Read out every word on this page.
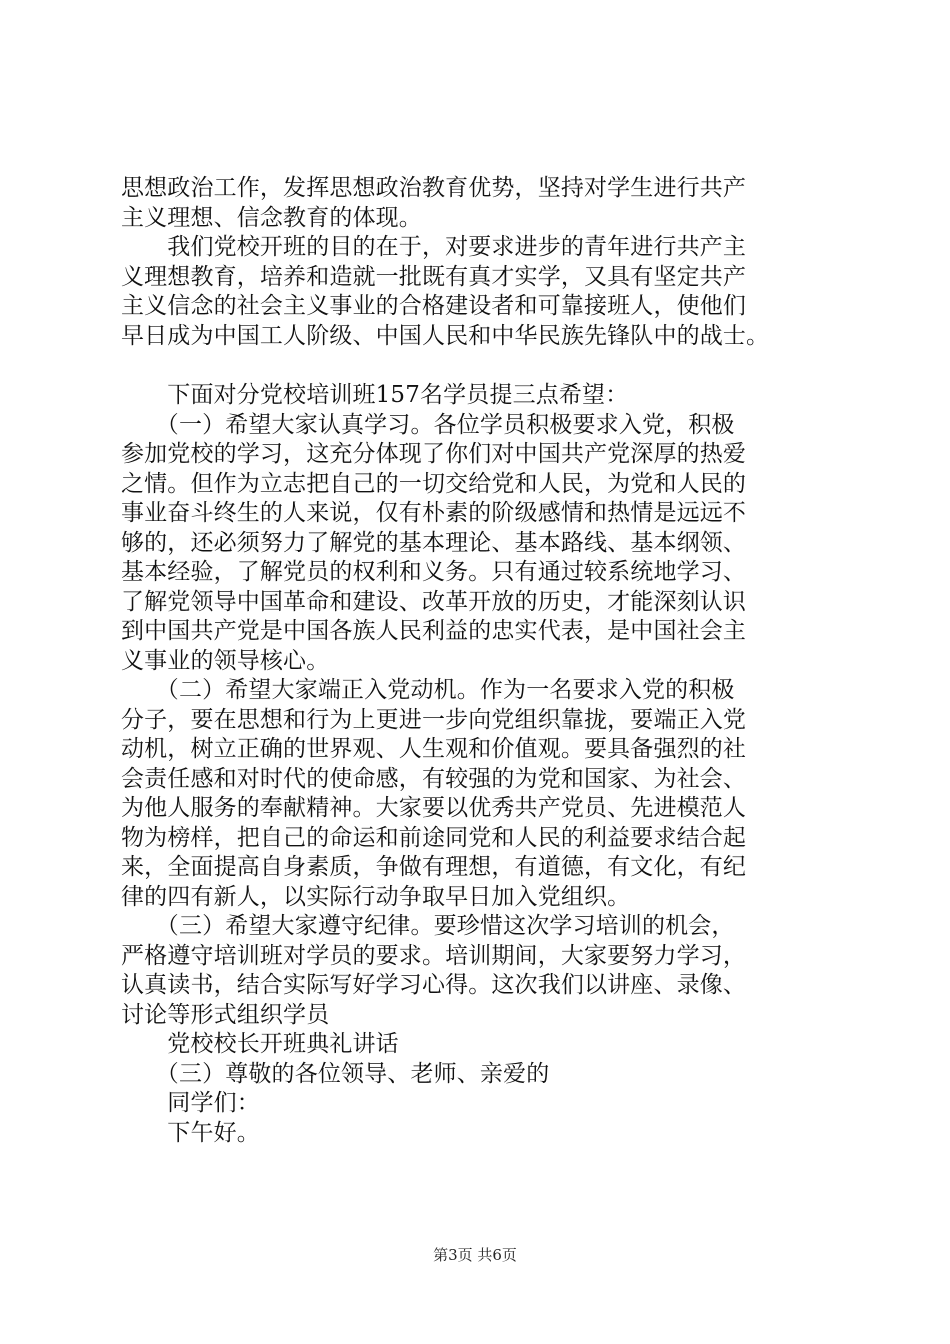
思想政治工作，发挥思想政治教育优势，坚持对学生进行共产
主义理想、信念教育的体现。
　　我们党校开班的目的在于，对要求进步的青年进行共产主
义理想教育，培养和造就一批既有真才实学，又具有坚定共产
主义信念的社会主义事业的合格建设者和可靠接班人，使他们
早日成为中国工人阶级、中国人民和中华民族先锋队中的战士。
　　下面对分党校培训班157名学员提三点希望：
　　（一）希望大家认真学习。各位学员积极要求入党，积极
参加党校的学习，这充分体现了你们对中国共产党深厚的热爱
之情。但作为立志把自己的一切交给党和人民，为党和人民的
事业奋斗终生的人来说，仅有朴素的阶级感情和热情是远远不
够的，还必须努力了解党的基本理论、基本路线、基本纲领、
基本经验，了解党员的权利和义务。只有通过较系统地学习、
了解党领导中国革命和建设、改革开放的历史，才能深刻认识
到中国共产党是中国各族人民利益的忠实代表，是中国社会主
义事业的领导核心。
　　（二）希望大家端正入党动机。作为一名要求入党的积极
分子，要在思想和行为上更进一步向党组织靠拢，要端正入党
动机，树立正确的世界观、人生观和价值观。要具备强烈的社
会责任感和对时代的使命感，有较强的为党和国家、为社会、
为他人服务的奉献精神。大家要以优秀共产党员、先进模范人
物为榜样，把自己的命运和前途同党和人民的利益要求结合起
来，全面提高自身素质，争做有理想，有道德，有文化，有纪
律的四有新人，以实际行动争取早日加入党组织。
　　（三）希望大家遵守纪律。要珍惜这次学习培训的机会，
严格遵守培训班对学员的要求。培训期间，大家要努力学习，
认真读书，结合实际写好学习心得。这次我们以讲座、录像、
讨论等形式组织学员
　　党校校长开班典礼讲话
　　（三）尊敬的各位领导、老师、亲爱的
　　同学们：
　　下午好。
第3页 共6页
